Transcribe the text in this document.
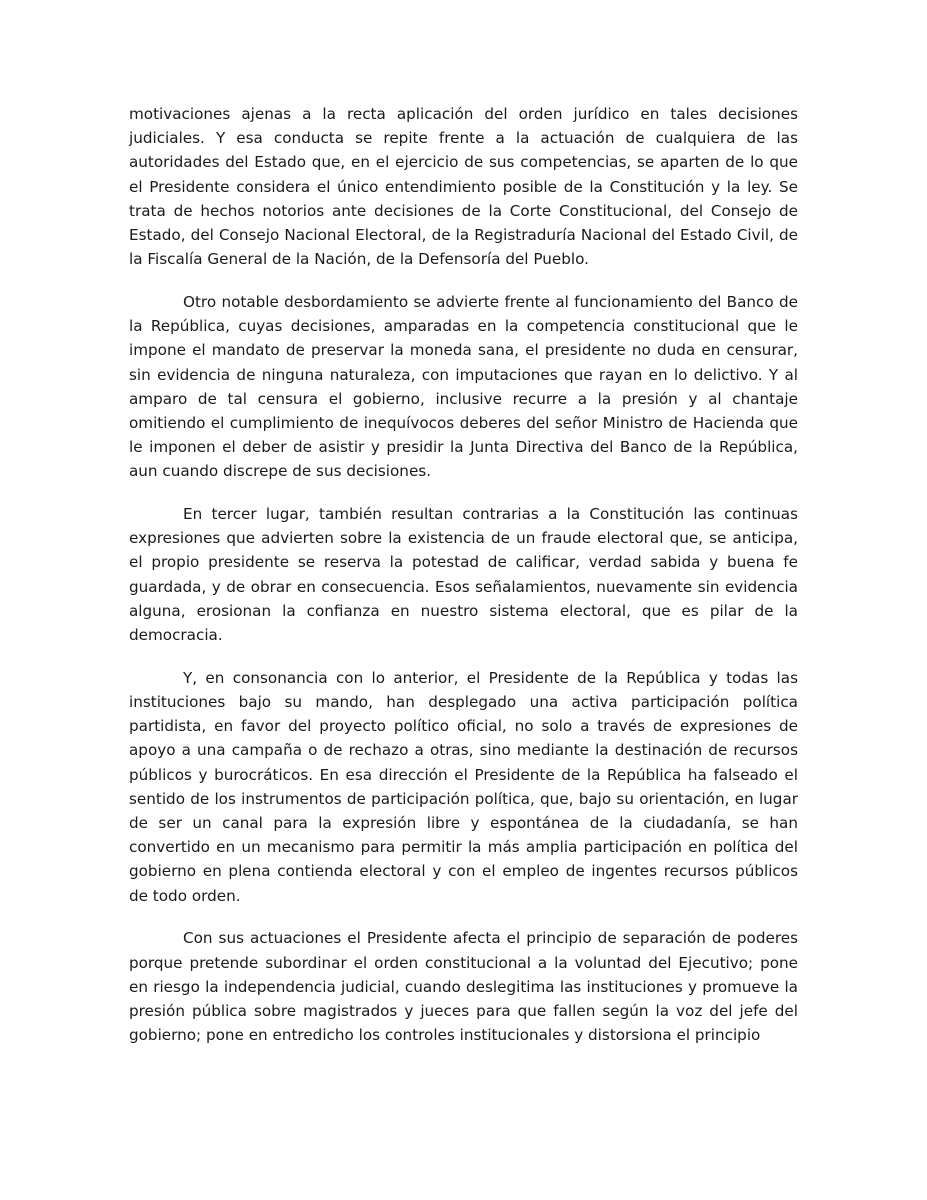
motivaciones ajenas a la recta aplicación del orden jurídico en tales decisiones judiciales. Y esa conducta se repite frente a la actuación de cualquiera de las autoridades del Estado que, en el ejercicio de sus competencias, se aparten de lo que el Presidente considera el único entendimiento posible de la Constitución y la ley. Se trata de hechos notorios ante decisiones de la Corte Constitucional, del Consejo de Estado, del Consejo Nacional Electoral, de la Registraduría Nacional del Estado Civil, de la Fiscalía General de la Nación, de la Defensoría del Pueblo.

Otro notable desbordamiento se advierte frente al funcionamiento del Banco de la República, cuyas decisiones, amparadas en la competencia constitucional que le impone el mandato de preservar la moneda sana, el presidente no duda en censurar, sin evidencia de ninguna naturaleza, con imputaciones que rayan en lo delictivo. Y al amparo de tal censura el gobierno, inclusive recurre a la presión y al chantaje omitiendo el cumplimiento de inequívocos deberes del señor Ministro de Hacienda que le imponen el deber de asistir y presidir la Junta Directiva del Banco de la República, aun cuando discrepe de sus decisiones.

En tercer lugar, también resultan contrarias a la Constitución las continuas expresiones que advierten sobre la existencia de un fraude electoral que, se anticipa, el propio presidente se reserva la potestad de calificar, verdad sabida y buena fe guardada, y de obrar en consecuencia. Esos señalamientos, nuevamente sin evidencia alguna, erosionan la confianza en nuestro sistema electoral, que es pilar de la democracia.

Y, en consonancia con lo anterior, el Presidente de la República y todas las instituciones bajo su mando, han desplegado una activa participación política partidista, en favor del proyecto político oficial, no solo a través de expresiones de apoyo a una campaña o de rechazo a otras, sino mediante la destinación de recursos públicos y burocráticos. En esa dirección el Presidente de la República ha falseado el sentido de los instrumentos de participación política, que, bajo su orientación, en lugar de ser un canal para la expresión libre y espontánea de la ciudadanía, se han convertido en un mecanismo para permitir la más amplia participación en política del gobierno en plena contienda electoral y con el empleo de ingentes recursos públicos de todo orden.

Con sus actuaciones el Presidente afecta el principio de separación de poderes porque pretende subordinar el orden constitucional a la voluntad del Ejecutivo; pone en riesgo la independencia judicial, cuando deslegitima las instituciones y promueve la presión pública sobre magistrados y jueces para que fallen según la voz del jefe del gobierno; pone en entredicho los controles institucionales y distorsiona el principio
